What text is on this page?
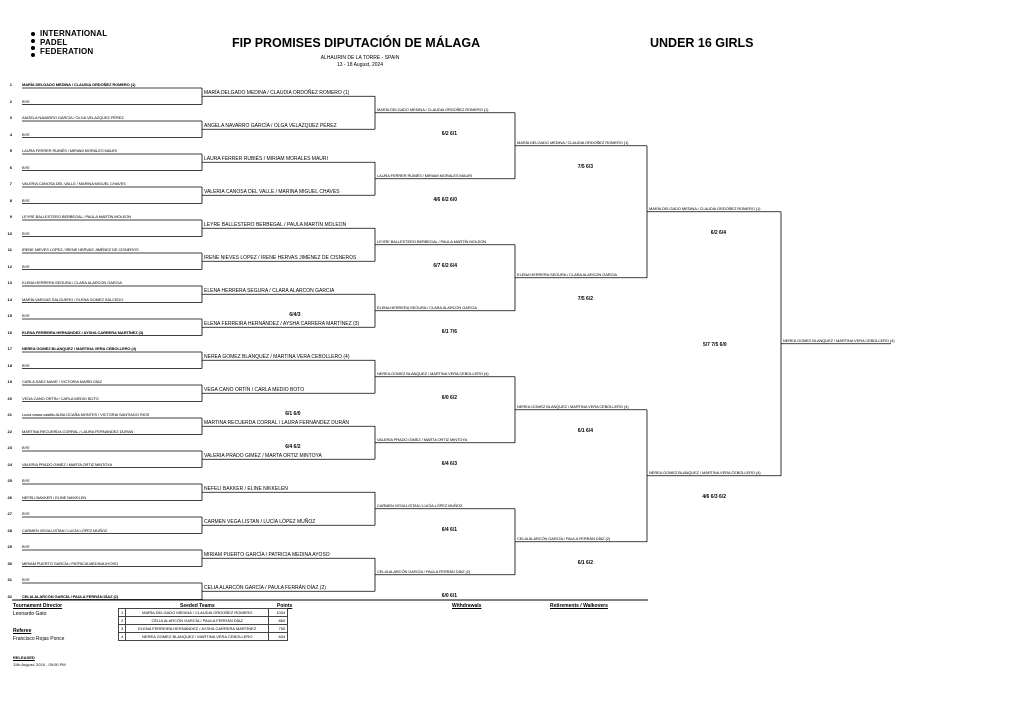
INTERNATIONAL
PADEL
FEDERATION
FIP PROMISES DIPUTACIÓN DE MÁLAGA	UNDER 16 GIRLS
ALHAURIN DE LA TORRE - SPAIN
13 - 18 August, 2024
1	MARÍA DELGADO MEDINA / CLAUDIA ORDOÑEZ ROMERO (1)
2	BYE
3	ANGELA NAVARRO GARCÍA / OLGA VELAZQUEZ PÉREZ
4	BYE
5	LAURA FERRER RUBIÉS / MIRIAM MORALES MAURI
6	BYE
7	VALERIA CANOSA DEL VALLE / MARINA MIGUEL CHAVES
8	BYE
9	LEYRE BALLESTERO BERBEGAL / PAULA MARTÍN MOLEON
10	BYE
11	IRENE NIEVES LOPEZ / IRENE HERVAS JIMÉNEZ DE CISNEROS
12	BYE
13	ELENA HERRERA SEGURA / CLARA ALARCON GARCIA
14	MARÍA VARGAS SALGUERO / ELENA GOMEZ SALCEDO
15	BYE
16	ELENA FERREIRA HERNÁNDEZ / AYSHA CARRERA MARTÍNEZ (3)
17	NEREA GOMEZ BLANQUEZ / MARTINA VERA CEBOLLERO (4)
18	BYE
19	CARLA SAEZ MAHE / VICTORIA MARÍN DÍAZ
20	VEGA CANO ORTÍN / CARLA MEDIO BOTO
21	Lucía casas castillo ALBA OCAÑA MONTES / VICTORIA SANTIAGO RIOS
22	MARTINA RECUERDA CORRAL / LAURA FERNANDEZ DURAN
23	BYE
24	VALERIA PRADO GIMEZ / MARTA ORTIZ MINTOYA
25	BYE
26	NEFELI BAKKER / ELINE NIKKELEN
27	BYE
28	CARMEN VEGA LISTAN / LUCÍA LÓPEZ MUÑOZ
29	BYE
30	MIRIAM PUERTO GARCÍA / PATRICIA MEDINA AYOSO
31	BYE
32	CELIA ALARCÓN GARCÍA / PAULA FERRÁN DÍAZ (2)
MARÍA DELGADO MEDINA / CLAUDIA ORDOÑEZ ROMERO (1)
ANGELA NAVARRO GARCÍA / OLGA VELAZQUEZ PÉREZ
LAURA FERRER RUBIÉS / MIRIAM MORALES MAURI
VALERIA CANOSA DEL VALLE / MARINA MIGUEL CHAVES
LEYRE BALLESTERO BERBEGAL / PAULA MARTÍN MOLEON
IRENE NIEVES LOPEZ / IRENE HERVAS JIMÉNEZ DE CISNEROS
ELENA HERRERA SEGURA / CLARA ALARCON GARCIA
6/4/3
ELENA FERREIRA HERNÁNDEZ / AYSHA CARRERA MARTÍNEZ (3)
NEREA GOMEZ BLANQUEZ / MARTINA VERA CEBOLLERO (4)
VEGA CANO ORTÍN / CARLA MEDIO BOTO
6/1 6/0
MARTINA RECUERDA CORRAL / LAURA FERNÁNDEZ DURÁN
6/4 6/2
VALERIA PRADO GIMEZ / MARTA ORTIZ MINTOYA
NEFELI BAKKER / ELINE NIKKELEN
CARMEN VEGA LISTAN / LUCÍA LÓPEZ MUÑOZ
MIRIAM PUERTO GARCÍA / PATRICIA MEDINA AYOSO
CELIA ALARCÓN GARCÍA / PAULA FERRÁN DÍAZ (2)
MARÍA DELGADO MEDINA / CLAUDIA ORDOÑEZ ROMERO (1)
6/2 6/1
LAURA FERRER RUBIÉS / MIRIAM MORALES MAURI
4/6 6/2 6/0
LEYRE BALLESTERO BERBEGAL / PAULA MARTÍN MOLEON
6/7 6/2 6/4
ELENA HERRERA SEGURA / CLARA ALARCON GARCIA
6/1 7/6
NEREA GOMEZ BLANQUEZ / MARTINA VERA CEBOLLERO (4)
6/0 6/2
VALERIA PRADO GIMEZ / MARTA ORTIZ MINTOYA
6/4 6/3
CARMEN VEGA LISTAN / LUCÍA LÓPEZ MUÑOZ
6/4 6/1
CELIA ALARCÓN GARCÍA / PAULA FERRÁN DÍAZ (2)
6/0 6/1
MARÍA DELGADO MEDINA / CLAUDIA ORDOÑEZ ROMERO (1)
7/5 6/3
ELENA HERRERA SEGURA / CLARA ALARCON GARCIA
7/5 6/2
NEREA GOMEZ BLANQUEZ / MARTINA VERA CEBOLLERO (4)
6/1 6/4
CELIA ALARCÓN GARCÍA / PAULA FERRÁN DÍAZ (2)
6/1 6/2
MARÍA DELGADO MEDINA / CLAUDIA ORDOÑEZ ROMERO (1)
6/2 6/4
NEREA GOMEZ BLANQUEZ / MARTINA VERA CEBOLLERO (4)
4/6 6/3 6/2
NEREA GOMEZ BLANQUEZ / MARTINA VERA CEBOLLERO (4)
5/7 7/5 6/0
Tournament Director
Leonardo Gato
Referee
Francisco Rojas Ponce
RELEASED
11th August, 2024 - 05:00 PM
Seeded Teams	Points	Withdrawals	Retirements / Walkovers
1	MARÍA DELGADO MEDINA / CLAUDIA ORDOÑEZ ROMERO	1004
2	CELIA ALARCÓN GARCÍA / PAULA FERRÁN DÍAZ	860
3	ELENA FERREIRA HERNÁNDEZ / AYSHA CARRERA MARTÍNEZ	750
4	NEREA GOMEZ BLANQUEZ / MARTINA VERA CEBOLLERO	604
